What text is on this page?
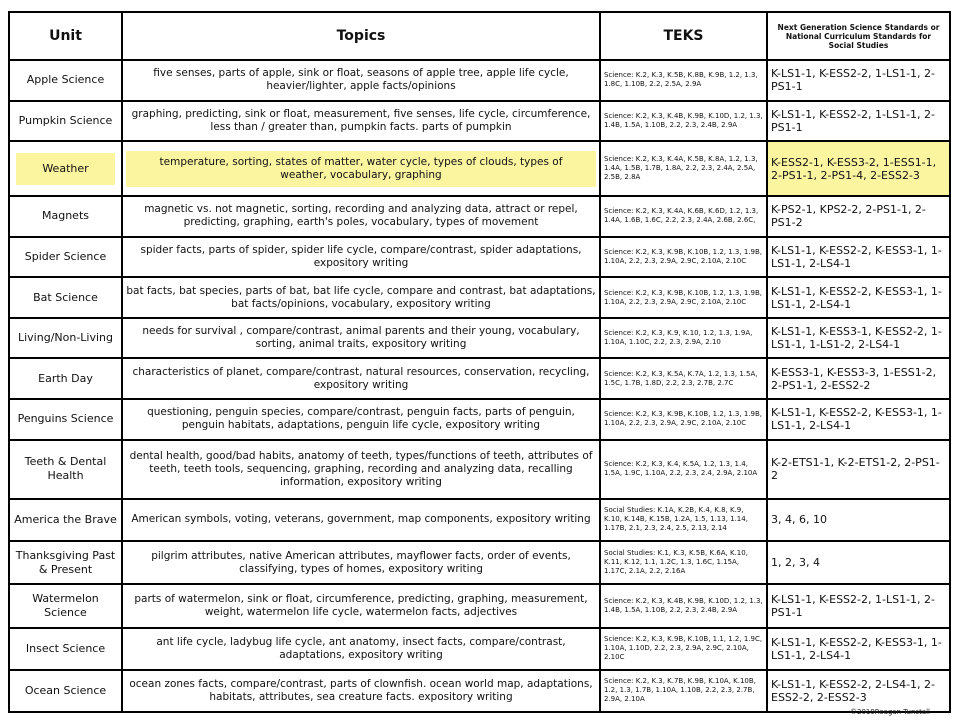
Unit	Topics	TEKS	Next Generation Science Standards or National Curriculum Standards for Social Studies
Apple Science	five senses, parts of apple, sink or float, seasons of apple tree, apple life cycle, heavier/lighter, apple facts/opinions	Science: K.2, K.3, K.5B, K.8B, K.9B, 1.2, 1.3, 1.8C, 1.10B, 2.2, 2.5A, 2.9A	K-LS1-1, K-ESS2-2, 1-LS1-1, 2-PS1-1
Pumpkin Science	graphing, predicting, sink or float, measurement, five senses, life cycle, circumference, less than / greater than, pumpkin facts. parts of pumpkin	Science: K.2, K.3, K.4B, K.9B, K.10D, 1.2, 1.3, 1.4B, 1.5A, 1.10B, 2.2, 2.3, 2.4B, 2.9A	K-LS1-1, K-ESS2-2, 1-LS1-1, 2-PS1-1
Weather	temperature, sorting, states of matter, water cycle, types of clouds, types of weather, vocabulary, graphing	Science: K.2, K.3, K.4A, K.5B, K.8A, 1.2, 1.3, 1.4A, 1.5B, 1.7B, 1.8A, 2.2, 2.3, 2.4A, 2.5A, 2.5B, 2.8A	K-ESS2-1, K-ESS3-2, 1-ESS1-1, 2-PS1-1, 2-PS1-4, 2-ESS2-3
Magnets	magnetic vs. not magnetic, sorting, recording and analyzing data, attract or repel, predicting, graphing, earth's poles, vocabulary, types of movement	Science: K.2, K.3, K.4A, K.6B, K.6D, 1.2, 1.3, 1.4A, 1.6B, 1.6C, 2.2, 2.3, 2.4A, 2.6B, 2.6C,	K-PS2-1, KPS2-2, 2-PS1-1, 2-PS1-2
Spider Science	spider facts, parts of spider, spider life cycle, compare/contrast, spider adaptations, expository writing	Science: K.2, K.3, K.9B, K.10B, 1.2, 1.3, 1.9B, 1.10A, 2.2, 2.3, 2.9A, 2.9C, 2.10A, 2.10C	K-LS1-1, K-ESS2-2, K-ESS3-1, 1-LS1-1, 2-LS4-1
Bat Science	bat facts, bat species, parts of bat, bat life cycle, compare and contrast, bat adaptations, bat facts/opinions, vocabulary, expository writing	Science: K.2, K.3, K.9B, K.10B, 1.2, 1.3, 1.9B, 1.10A, 2.2, 2.3, 2.9A, 2.9C, 2.10A, 2.10C	K-LS1-1, K-ESS2-2, K-ESS3-1, 1-LS1-1, 2-LS4-1
Living/Non-Living	needs for survival , compare/contrast, animal parents and their young, vocabulary, sorting, animal traits, expository writing	Science: K.2, K.3, K.9, K.10, 1.2, 1.3, 1.9A, 1.10A, 1.10C, 2.2, 2.3, 2.9A, 2.10	K-LS1-1, K-ESS3-1, K-ESS2-2, 1-LS1-1, 1-LS1-2, 2-LS4-1
Earth Day	characteristics of planet, compare/contrast, natural resources, conservation, recycling, expository writing	Science: K.2, K.3, K.5A, K.7A, 1.2, 1.3, 1.5A, 1.5C, 1.7B, 1.8D, 2.2, 2.3, 2.7B, 2.7C	K-ESS3-1, K-ESS3-3, 1-ESS1-2, 2-PS1-1, 2-ESS2-2
Penguins Science	questioning, penguin species, compare/contrast, penguin facts, parts of penguin, penguin habitats, adaptations, penguin life cycle, expository writing	Science: K.2, K.3, K.9B, K.10B, 1.2, 1.3, 1.9B, 1.10A, 2.2, 2.3, 2.9A, 2.9C, 2.10A, 2.10C	K-LS1-1, K-ESS2-2, K-ESS3-1, 1-LS1-1, 2-LS4-1
Teeth & Dental Health	dental health, good/bad habits, anatomy of teeth, types/functions of teeth, attributes of teeth, teeth tools, sequencing, graphing, recording and analyzing data, recalling information, expository writing	Science: K.2, K.3, K.4, K.5A, 1.2, 1.3, 1.4, 1.5A, 1.9C, 1.10A, 2.2, 2.3, 2.4, 2.9A, 2.10A	K-2-ETS1-1, K-2-ETS1-2, 2-PS1-2
America the Brave	American symbols, voting, veterans, government, map components, expository writing	Social Studies: K.1A, K.2B, K.4, K.8, K.9, K.10, K.14B, K.15B, 1.2A, 1.5, 1.13, 1.14, 1.17B, 2.1, 2.3, 2.4, 2.5, 2.13, 2.14	3, 4, 6, 10
Thanksgiving Past & Present	pilgrim attributes, native American attributes, mayflower facts, order of events, classifying, types of homes, expository writing	Social Studies: K.1, K.3, K.5B, K.6A, K.10, K.11, K.12, 1.1, 1.2C, 1.3, 1.6C, 1.15A, 1.17C, 2.1A, 2.2, 2.16A	1, 2, 3, 4
Watermelon Science	parts of watermelon, sink or float, circumference, predicting, graphing, measurement, weight, watermelon life cycle, watermelon facts, adjectives	Science: K.2, K.3, K.4B, K.9B, K.10D, 1.2, 1.3, 1.4B, 1.5A, 1.10B, 2.2, 2.3, 2.4B, 2.9A	K-LS1-1, K-ESS2-2, 1-LS1-1, 2-PS1-1
Insect Science	ant life cycle, ladybug life cycle, ant anatomy, insect facts, compare/contrast, adaptations, expository writing	Science: K.2, K.3, K.9B, K.10B, 1.1, 1.2, 1.9C, 1.10A, 1.10D, 2.2, 2.3, 2.9A, 2.9C, 2.10A, 2.10C	K-LS1-1, K-ESS2-2, K-ESS3-1, 1-LS1-1, 2-LS4-1
Ocean Science	ocean zones facts, compare/contrast, parts of clownfish. ocean world map, adaptations, habitats, attributes, sea creature facts. expository writing	Science: K.2, K.3, K.7B, K.9B, K.10A, K.10B, 1.2, 1.3, 1.7B, 1.10A, 1.10B, 2.2, 2.3, 2.7B, 2.9A, 2.10A	K-LS1-1, K-ESS2-2, 2-LS4-1, 2-ESS2-2, 2-ESS2-3
©2019Reagan Tunstall
